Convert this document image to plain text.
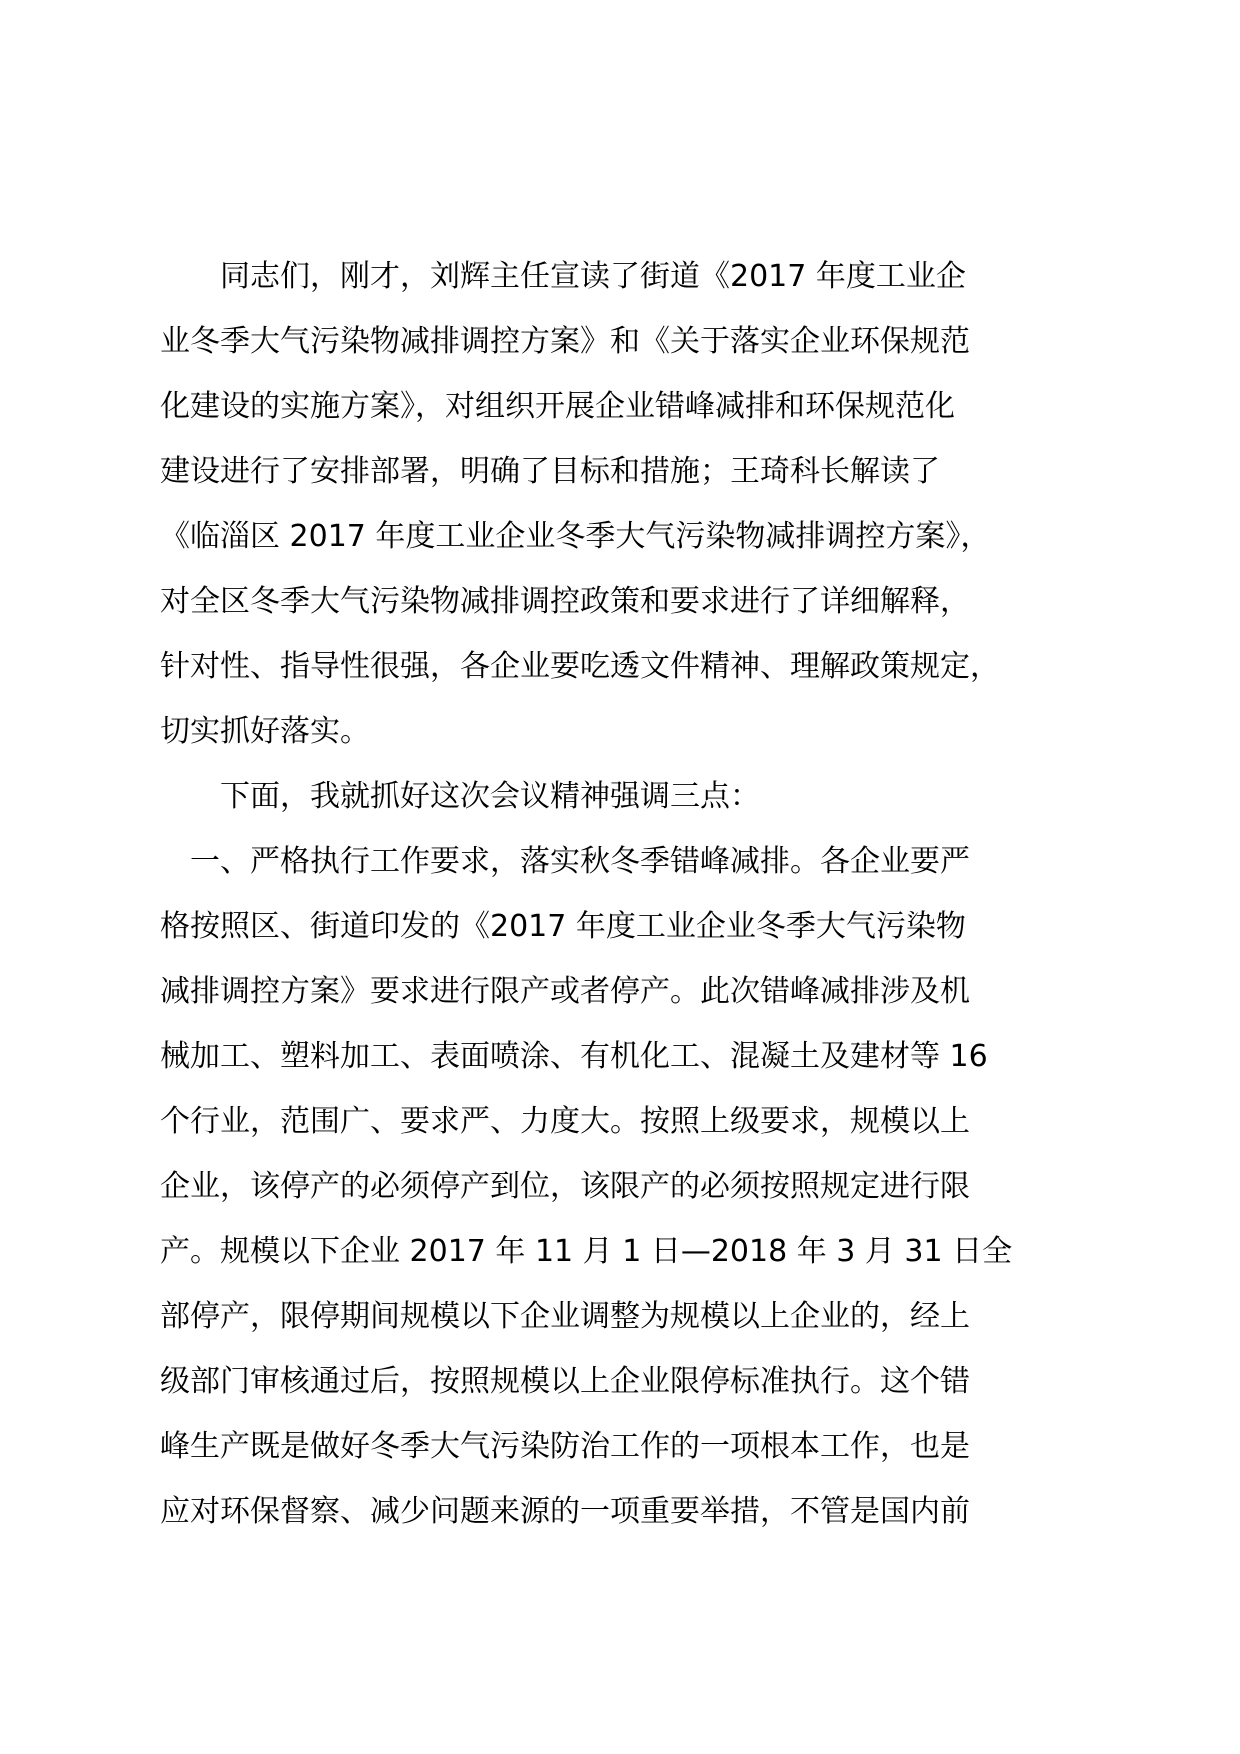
　　同志们，刚才，刘辉主任宣读了街道《2017 年度工业企
业冬季大气污染物减排调控方案》和《关于落实企业环保规范
化建设的实施方案》，对组织开展企业错峰减排和环保规范化
建设进行了安排部署，明确了目标和措施；王琦科长解读了
《临淄区 2017 年度工业企业冬季大气污染物减排调控方案》，
对全区冬季大气污染物减排调控政策和要求进行了详细解释，
针对性、指导性很强，各企业要吃透文件精神、理解政策规定，
切实抓好落实。
　　下面，我就抓好这次会议精神强调三点：
　一、严格执行工作要求，落实秋冬季错峰减排。各企业要严
格按照区、街道印发的《2017 年度工业企业冬季大气污染物
减排调控方案》要求进行限产或者停产。此次错峰减排涉及机
械加工、塑料加工、表面喷涂、有机化工、混凝土及建材等 16
个行业，范围广、要求严、力度大。按照上级要求，规模以上
企业，该停产的必须停产到位，该限产的必须按照规定进行限
产。规模以下企业 2017 年 11 月 1 日—2018 年 3 月 31 日全
部停产，限停期间规模以下企业调整为规模以上企业的，经上
级部门审核通过后，按照规模以上企业限停标准执行。这个错
峰生产既是做好冬季大气污染防治工作的一项根本工作，也是
应对环保督察、减少问题来源的一项重要举措，不管是国内前
